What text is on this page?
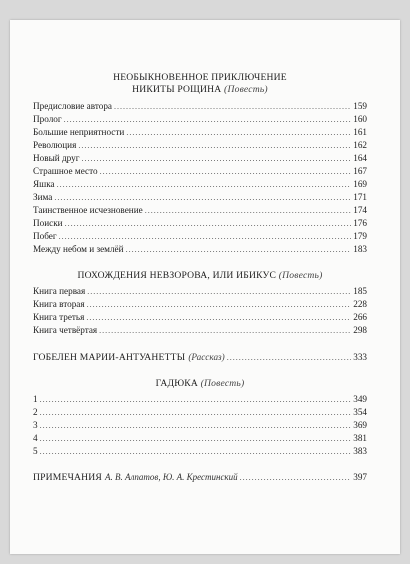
НЕОБЫКНОВЕННОЕ ПРИКЛЮЧЕНИЕ
НИКИТЫ РОЩИНА (Повесть)
Предисловие автора .....	159
Пролог .....	160
Большие неприятности .....	161
Революция .....	162
Новый друг .....	164
Страшное место .....	167
Яшка .....	169
Зима .....	171
Таинственное исчезновение .....	174
Поиски .....	176
Побег .....	179
Между небом и землёй .....	183
ПОХОЖДЕНИЯ НЕВЗОРОВА, ИЛИ ИБИКУС (Повесть)
Книга первая .....	185
Книга вторая .....	228
Книга третья .....	266
Книга четвёртая .....	298
ГОБЕЛЕН МАРИИ-АНТУАНЕТТЫ (Рассказ) .....	333
ГАДЮКА (Повесть)
1 .....	349
2 .....	354
3 .....	369
4 .....	381
5 .....	383
ПРИМЕЧАНИЯ А. В. Алпатов, Ю. А. Крестинский .....	397
